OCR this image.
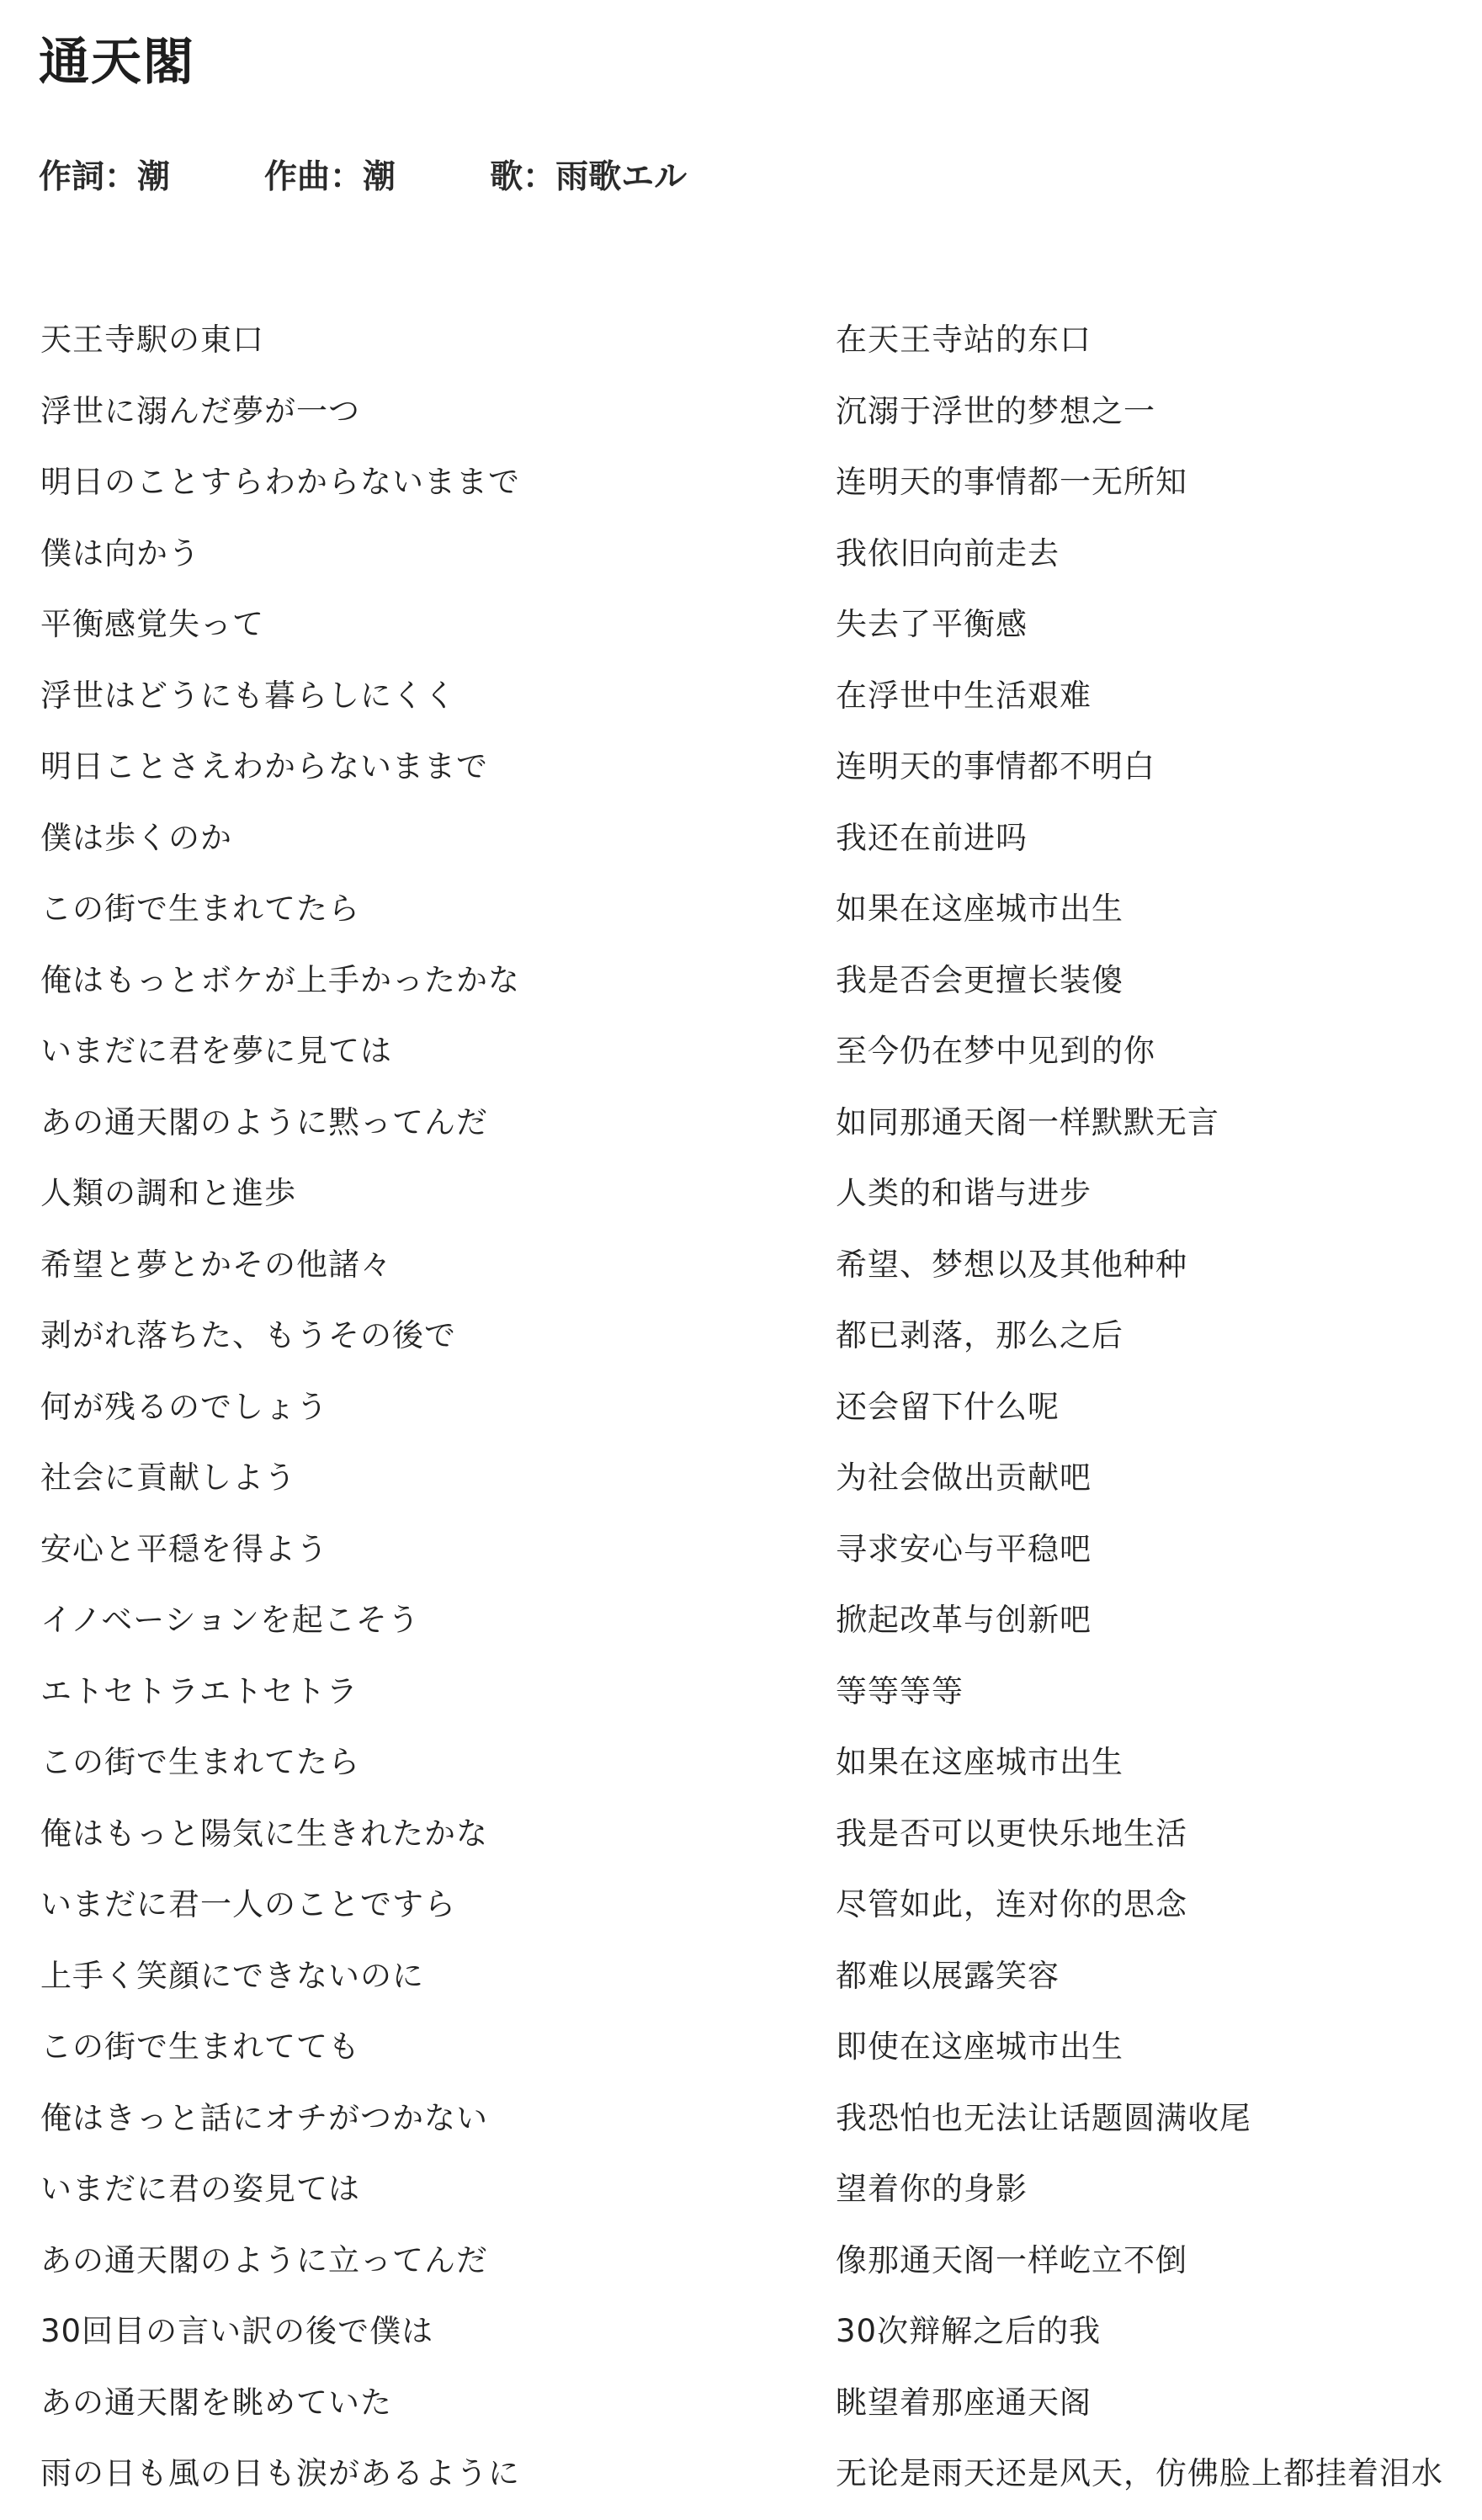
通天閣
作詞： 潮	作曲： 潮	歌： 雨歌エル
天王寺駅の東口	在天王寺站的东口
浮世に溺んだ夢が一つ	沉溺于浮世的梦想之一
明日のことすらわからないままで	连明天的事情都一无所知
僕は向かう	我依旧向前走去
平衡感覚失って	失去了平衡感
浮世はどうにも暮らしにくく	在浮世中生活艰难
明日ことさえわからないままで	连明天的事情都不明白
僕は歩くのか	我还在前进吗
この街で生まれてたら	如果在这座城市出生
俺はもっとボケが上手かったかな	我是否会更擅长装傻
いまだに君を夢に見ては	至今仍在梦中见到的你
あの通天閣のように黙ってんだ	如同那通天阁一样默默无言
人類の調和と進歩	人类的和谐与进步
希望と夢とかその他諸々	希望、梦想以及其他种种
剥がれ落ちた、もうその後で	都已剥落，那么之后
何が残るのでしょう	还会留下什么呢
社会に貢献しよう	为社会做出贡献吧
安心と平穏を得よう	寻求安心与平稳吧
イノベーションを起こそう	掀起改革与创新吧
エトセトラエトセトラ	等等等等
この街で生まれてたら	如果在这座城市出生
俺はもっと陽気に生きれたかな	我是否可以更快乐地生活
いまだに君一人のことですら	尽管如此，连对你的思念
上手く笑顔にできないのに	都难以展露笑容
この街で生まれてても	即使在这座城市出生
俺はきっと話にオチがつかない	我恐怕也无法让话题圆满收尾
いまだに君の姿見ては	望着你的身影
あの通天閣のように立ってんだ	像那通天阁一样屹立不倒
30回目の言い訳の後で僕は	30次辩解之后的我
あの通天閣を眺めていた	眺望着那座通天阁
雨の日も風の日も涙があるように	无论是雨天还是风天，仿佛脸上都挂着泪水
